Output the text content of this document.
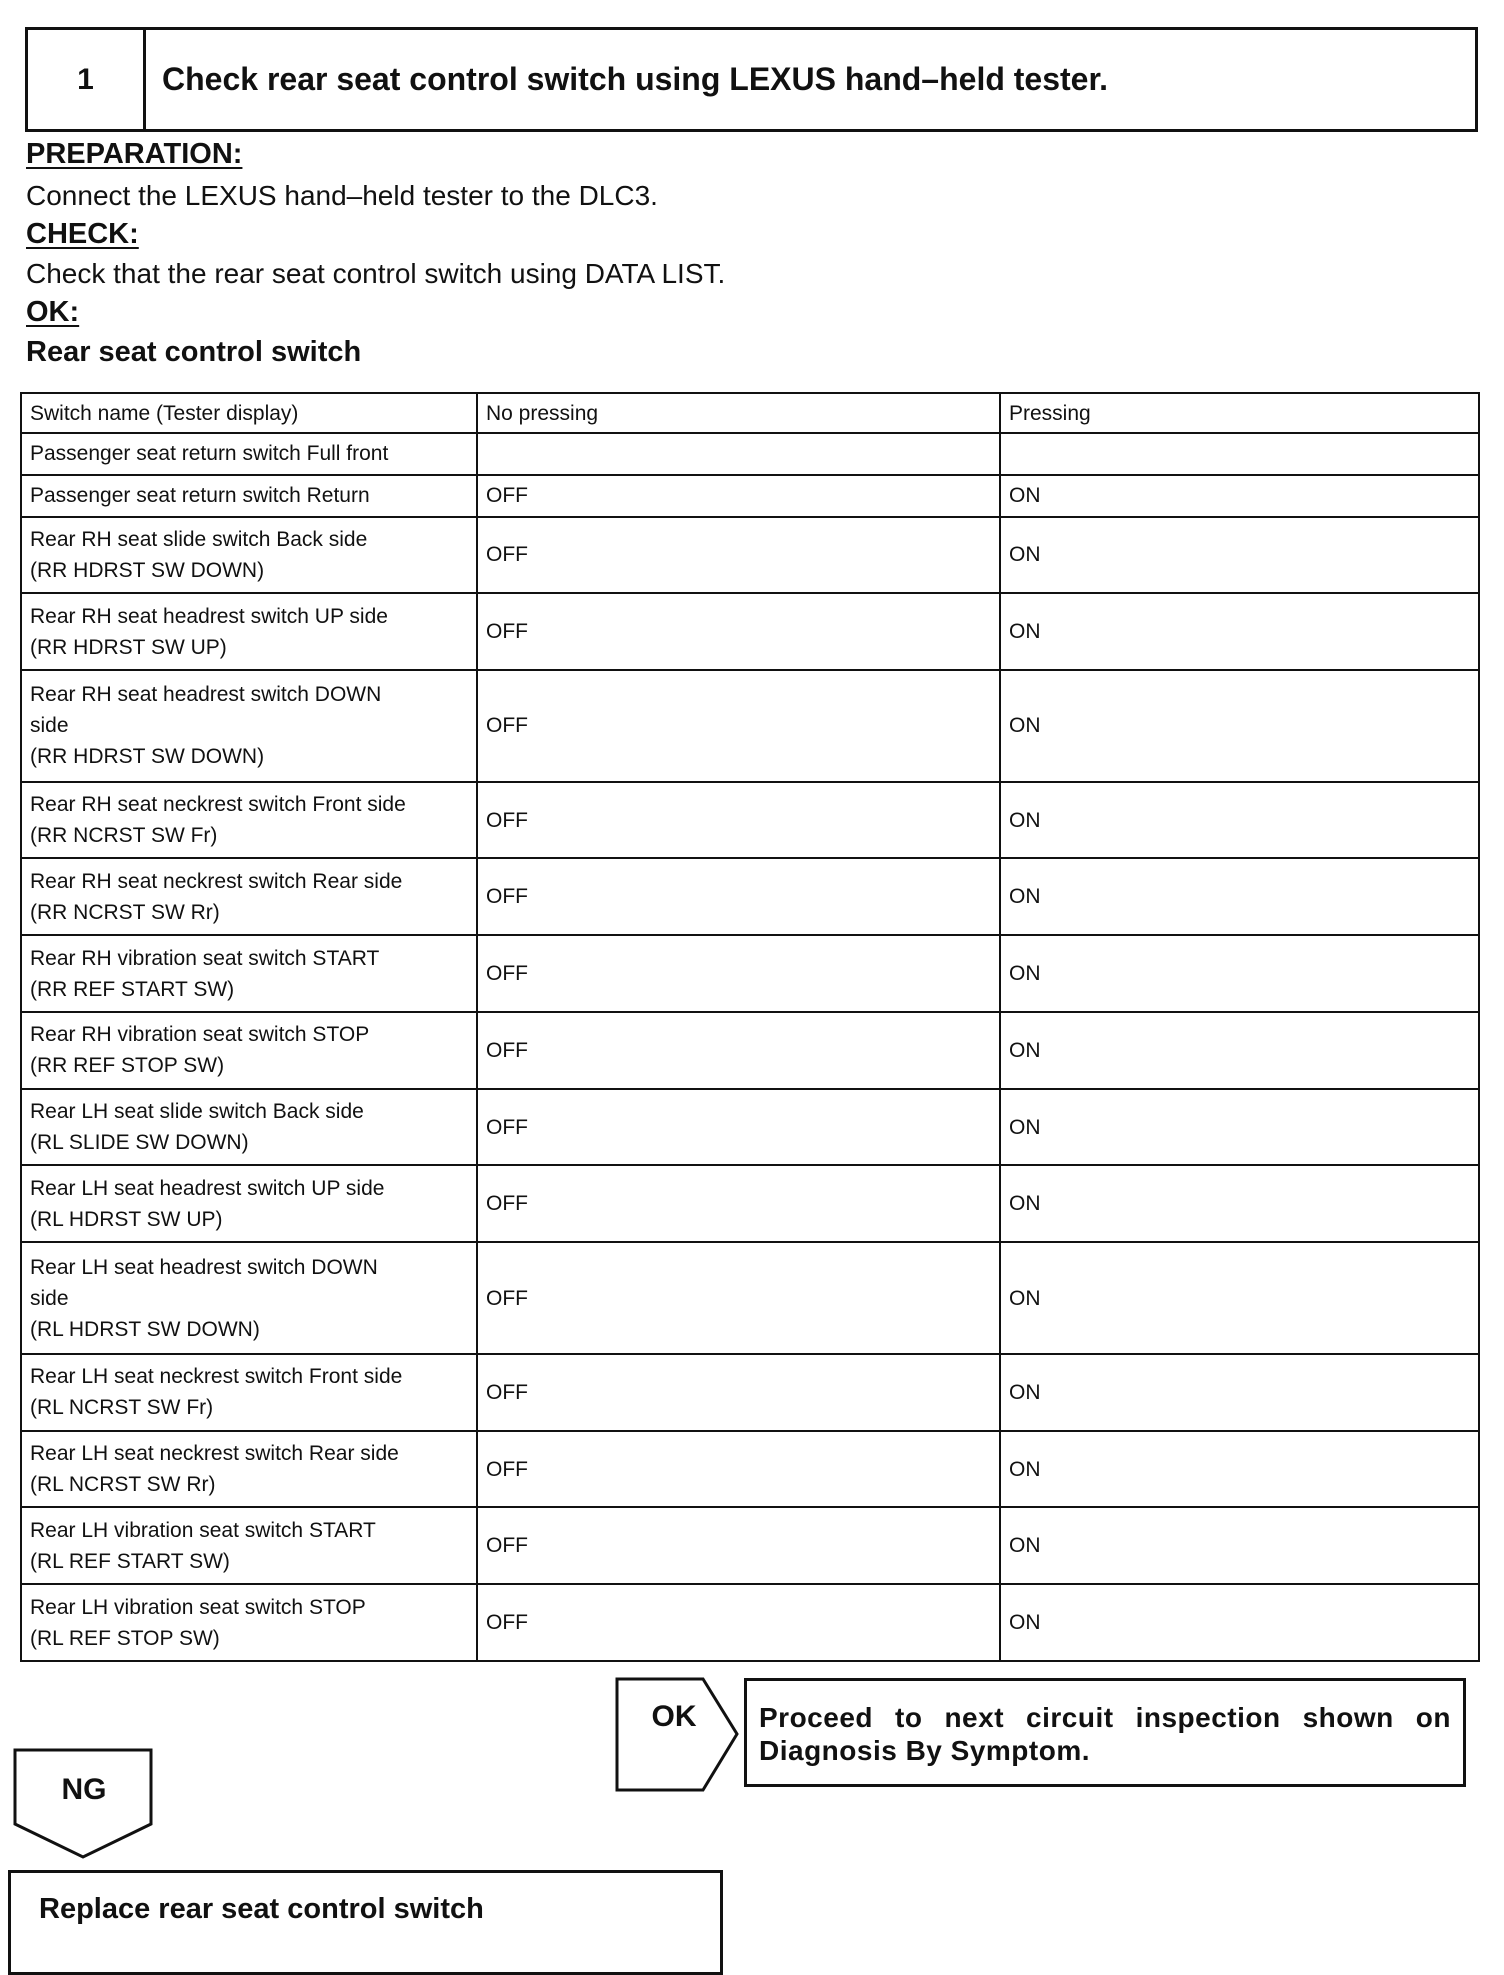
1	Check rear seat control switch using LEXUS hand–held tester.
PREPARATION:
Connect the LEXUS hand–held tester to the DLC3.
CHECK:
Check that the rear seat control switch using DATA LIST.
OK:
Rear seat control switch
Switch name (Tester display)	No pressing	Pressing
Passenger seat return switch Full front		
Passenger seat return switch Return	OFF	ON
Rear RH seat slide switch Back side
(RR HDRST SW DOWN)	OFF	ON
Rear RH seat headrest switch UP side
(RR HDRST SW UP)	OFF	ON
Rear RH seat headrest switch DOWN
side
(RR HDRST SW DOWN)	OFF	ON
Rear RH seat neckrest switch Front side
(RR NCRST SW Fr)	OFF	ON
Rear RH seat neckrest switch Rear side
(RR NCRST SW Rr)	OFF	ON
Rear RH vibration seat switch START
(RR REF START SW)	OFF	ON
Rear RH vibration seat switch STOP
(RR REF STOP SW)	OFF	ON
Rear LH seat slide switch Back side
(RL SLIDE SW DOWN)	OFF	ON
Rear LH seat headrest switch UP side
(RL HDRST SW UP)	OFF	ON
Rear LH seat headrest switch DOWN
side
(RL HDRST SW DOWN)	OFF	ON
Rear LH seat neckrest switch Front side
(RL NCRST SW Fr)	OFF	ON
Rear LH seat neckrest switch Rear side
(RL NCRST SW Rr)	OFF	ON
Rear LH vibration seat switch START
(RL REF START SW)	OFF	ON
Rear LH vibration seat switch STOP
(RL REF STOP SW)	OFF	ON
OK	Proceed to next circuit inspection shown on Diagnosis By Symptom.
NG
Replace rear seat control switch
